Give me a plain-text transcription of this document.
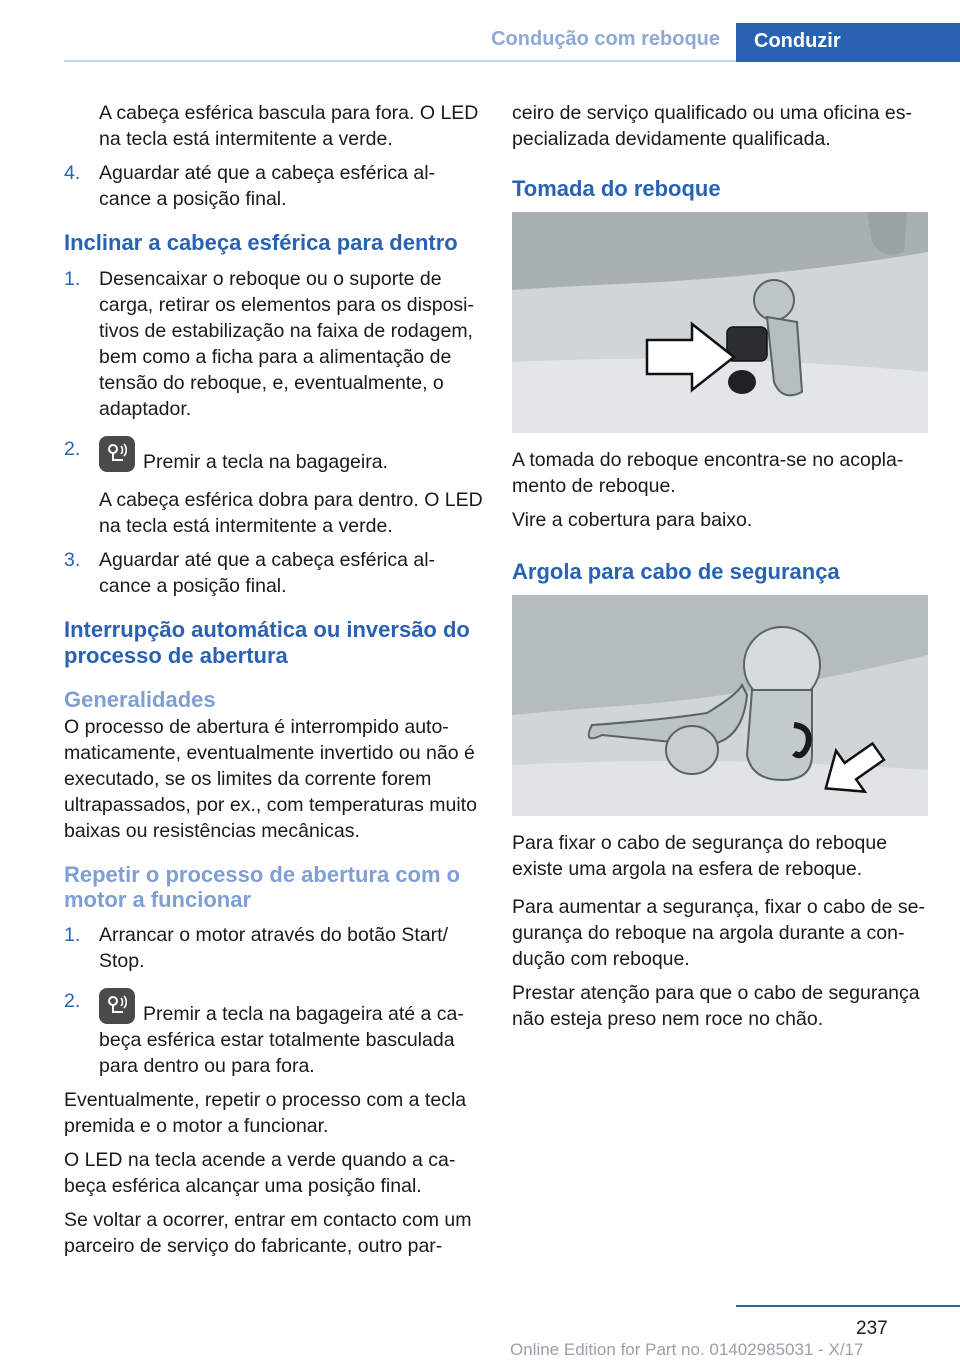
Condução com reboque	Conduzir

A cabeça esférica bascula para fora. O LED na tecla está intermitente a verde.

4. Aguardar até que a cabeça esférica al‐ cance a posição final.
Inclinar a cabeça esférica para dentro
1. Desencaixar o reboque ou o suporte de carga, retirar os elementos para os disposi‐ tivos de estabilização na faixa de rodagem, bem como a ficha para a alimentação de tensão do reboque, e, eventualmente, o adaptador.
2.
Premir a tecla na bagageira.

A cabeça esférica dobra para dentro. O LED na tecla está intermitente a verde.

3. Aguardar até que a cabeça esférica al‐ cance a posição final.
Interrupção automática ou inversão do processo de abertura
Generalidades

O processo de abertura é interrompido auto‐ maticamente, eventualmente invertido ou não é executado, se os limites da corrente forem ultrapassados, por ex., com temperaturas muito baixas ou resistências mecânicas.

Repetir o processo de abertura com o motor a funcionar
1. Arrancar o motor através do botão Start/ Stop.
2.
Premir a tecla na bagageira até a ca‐ beça esférica estar totalmente basculada para dentro ou para fora.

Eventualmente, repetir o processo com a tecla premida e o motor a funcionar.

O LED na tecla acende a verde quando a ca‐ beça esférica alcançar uma posição final.

Se voltar a ocorrer, entrar em contacto com um parceiro de serviço do fabricante, outro par‐

ceiro de serviço qualificado ou uma oficina es‐ pecializada devidamente qualificada.

Tomada do reboque

A tomada do reboque encontra-se no acopla‐ mento de reboque.

Vire a cobertura para baixo.

Argola para cabo de segurança

Para fixar o cabo de segurança do reboque existe uma argola na esfera de reboque.

Para aumentar a segurança, fixar o cabo de se‐ gurança do reboque na argola durante a con‐ dução com reboque.

Prestar atenção para que o cabo de segurança não esteja preso nem roce no chão.

237
Online Edition for Part no. 01402985031 - X/17
